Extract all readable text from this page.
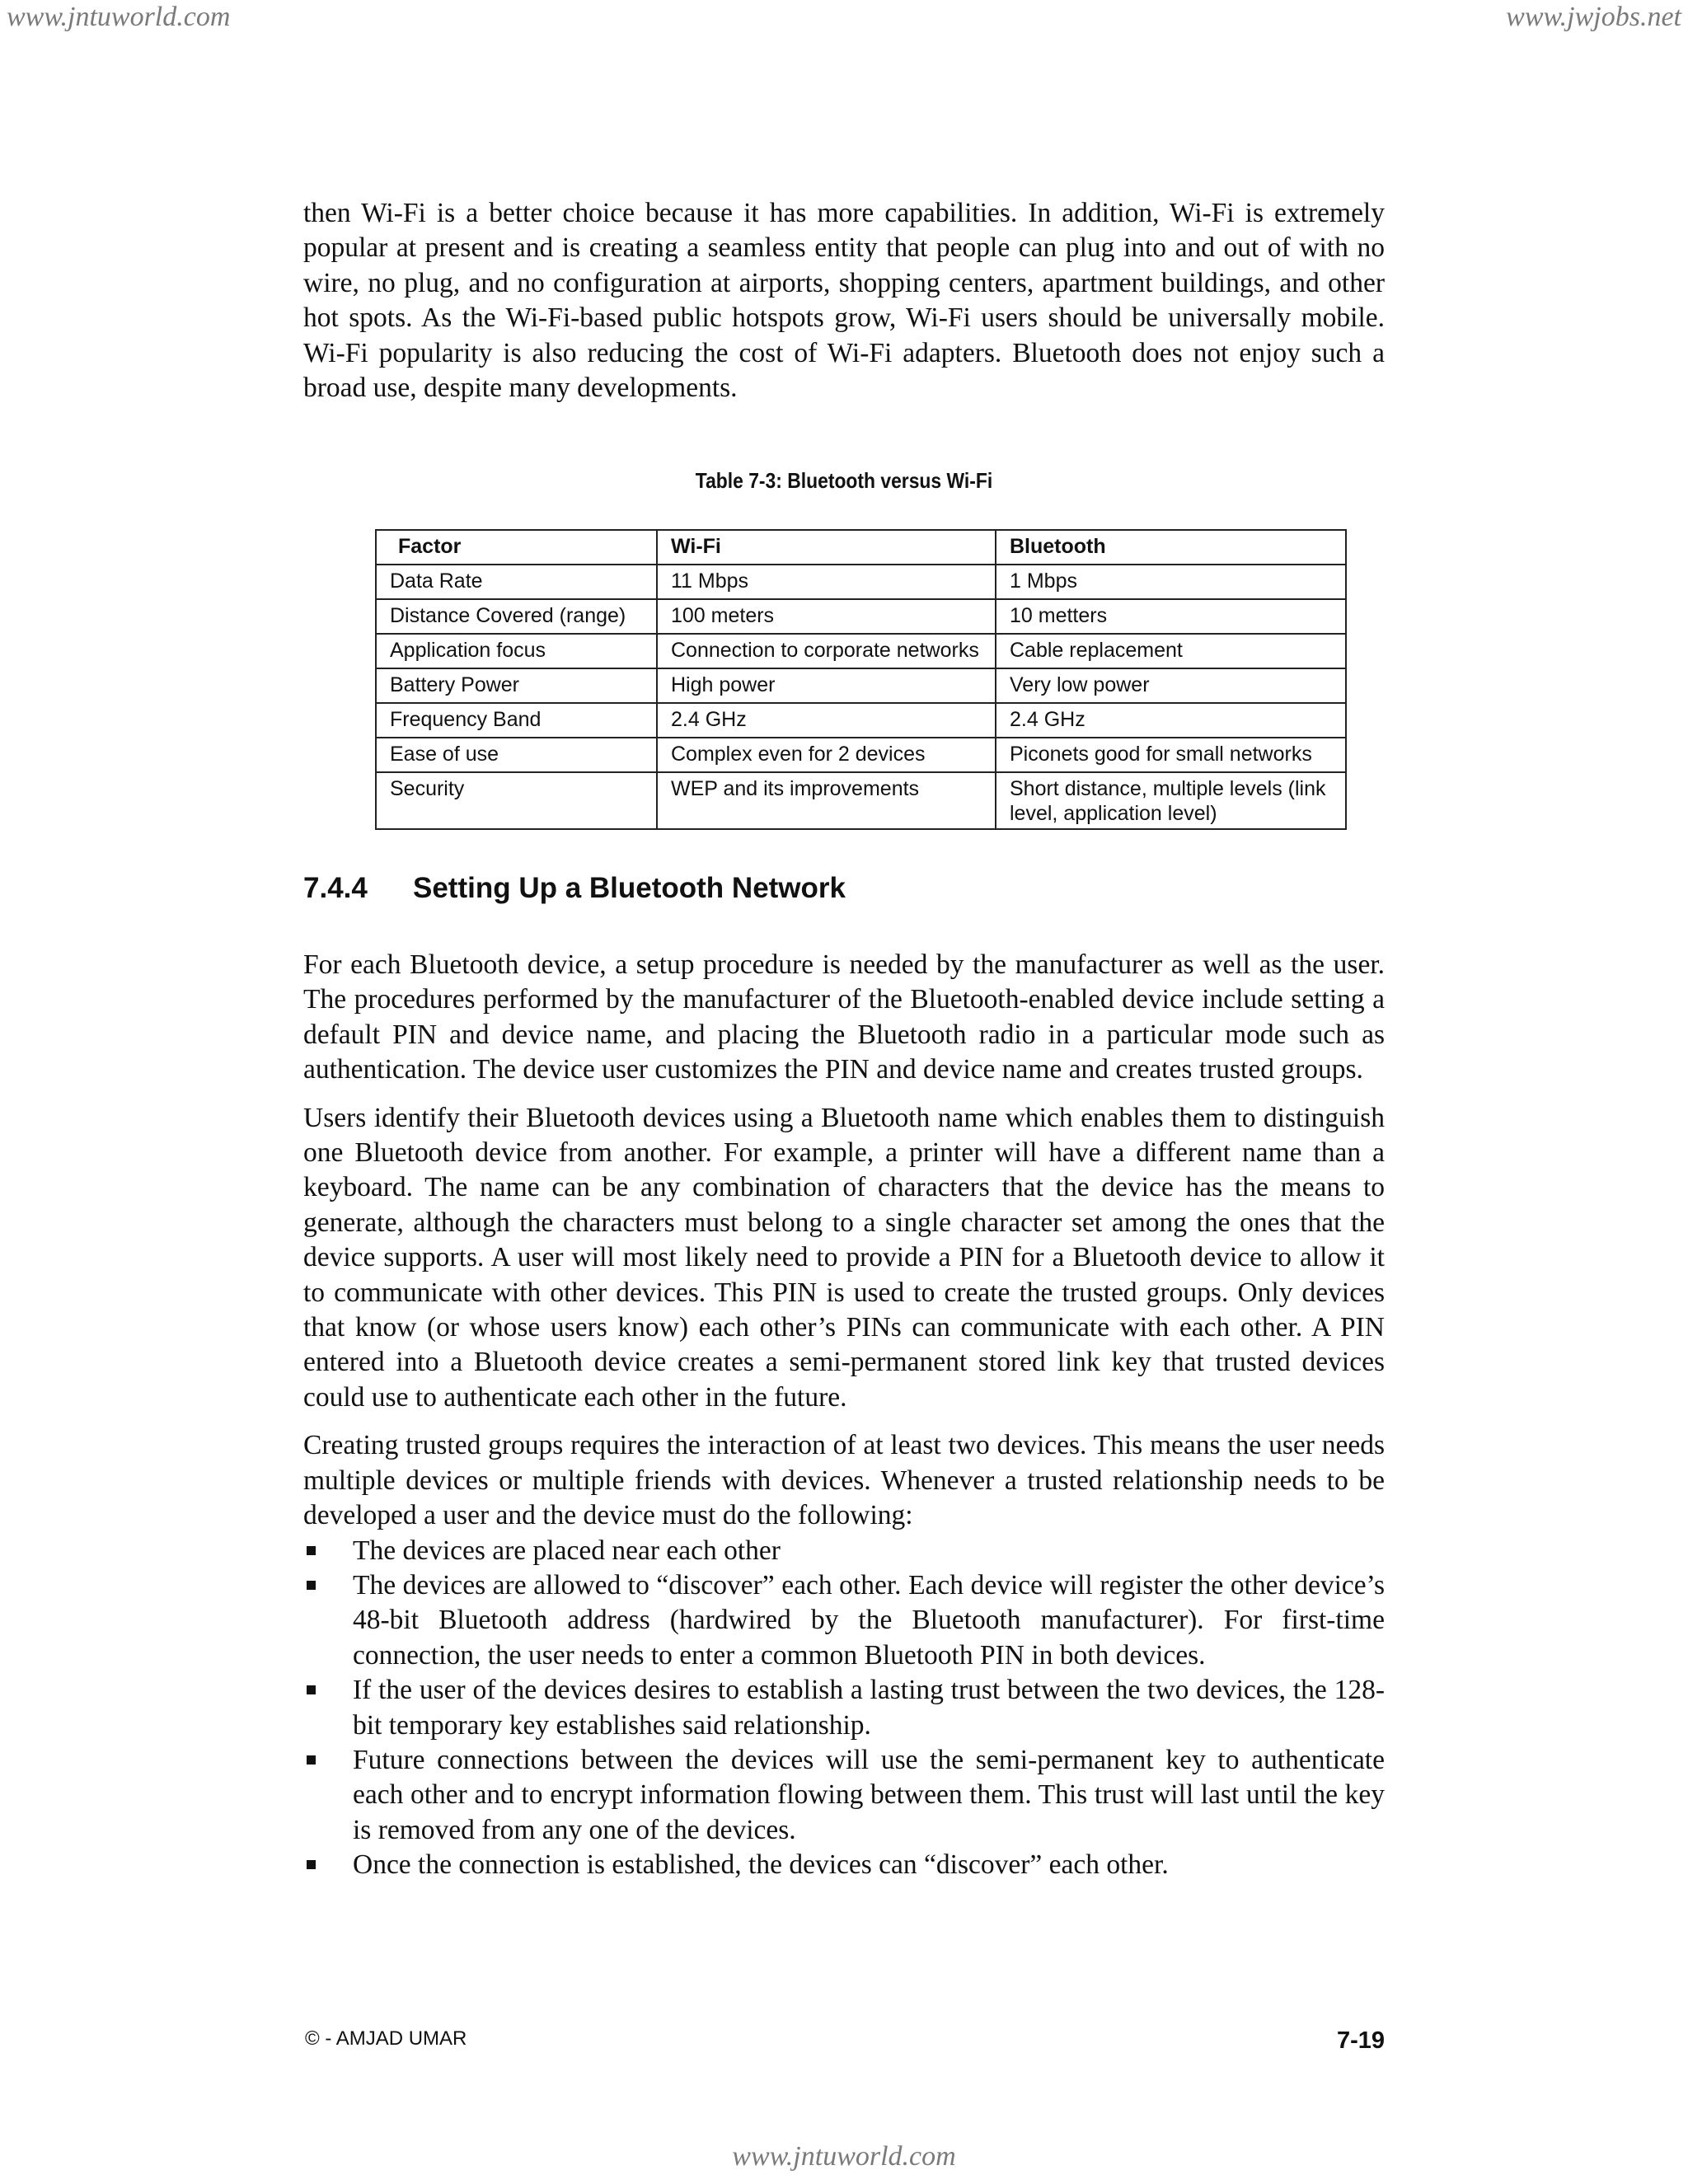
www.jntuworld.com	www.jwjobs.net

then Wi-Fi is a better choice because it has more capabilities. In addition, Wi-Fi is extremely popular at present and is creating a seamless entity that people can plug into and out of with no wire, no plug, and no configuration at airports, shopping centers, apartment buildings, and other hot spots. As the Wi-Fi-based public hotspots grow, Wi-Fi users should be universally mobile. Wi-Fi popularity is also reducing the cost of Wi-Fi adapters. Bluetooth does not enjoy such a broad use, despite many developments.

Table 7-3: Bluetooth versus Wi-Fi
Factor	Wi-Fi	Bluetooth
Data Rate	11 Mbps	1 Mbps
Distance Covered (range)	100 meters	10 metters
Application focus	Connection to corporate networks	Cable replacement
Battery Power	High power	Very low power
Frequency Band	2.4 GHz	2.4 GHz
Ease of use	Complex even for 2 devices	Piconets good for small networks
Security	WEP and its improvements	Short distance, multiple levels (link level, application level)
7.4.4 Setting Up a Bluetooth Network

For each Bluetooth device, a setup procedure is needed by the manufacturer as well as the user. The procedures performed by the manufacturer of the Bluetooth-enabled device include setting a default PIN and device name, and placing the Bluetooth radio in a particular mode such as authentication. The device user customizes the PIN and device name and creates trusted groups.

Users identify their Bluetooth devices using a Bluetooth name which enables them to distinguish one Bluetooth device from another. For example, a printer will have a different name than a keyboard. The name can be any combination of characters that the device has the means to generate, although the characters must belong to a single character set among the ones that the device supports. A user will most likely need to provide a PIN for a Bluetooth device to allow it to communicate with other devices. This PIN is used to create the trusted groups. Only devices that know (or whose users know) each other’s PINs can communicate with each other. A PIN entered into a Bluetooth device creates a semi-permanent stored link key that trusted devices could use to authenticate each other in the future.

Creating trusted groups requires the interaction of at least two devices. This means the user needs multiple devices or multiple friends with devices. Whenever a trusted relationship needs to be developed a user and the device must do the following:

The devices are placed near each other
The devices are allowed to “discover” each other. Each device will register the other device’s 48-bit Bluetooth address (hardwired by the Bluetooth manufacturer). For first-time connection, the user needs to enter a common Bluetooth PIN in both devices.
If the user of the devices desires to establish a lasting trust between the two devices, the 128-bit temporary key establishes said relationship.
Future connections between the devices will use the semi-permanent key to authenticate each other and to encrypt information flowing between them. This trust will last until the key is removed from any one of the devices.
Once the connection is established, the devices can “discover” each other.
© - AMJAD UMAR	7-19
www.jntuworld.com
